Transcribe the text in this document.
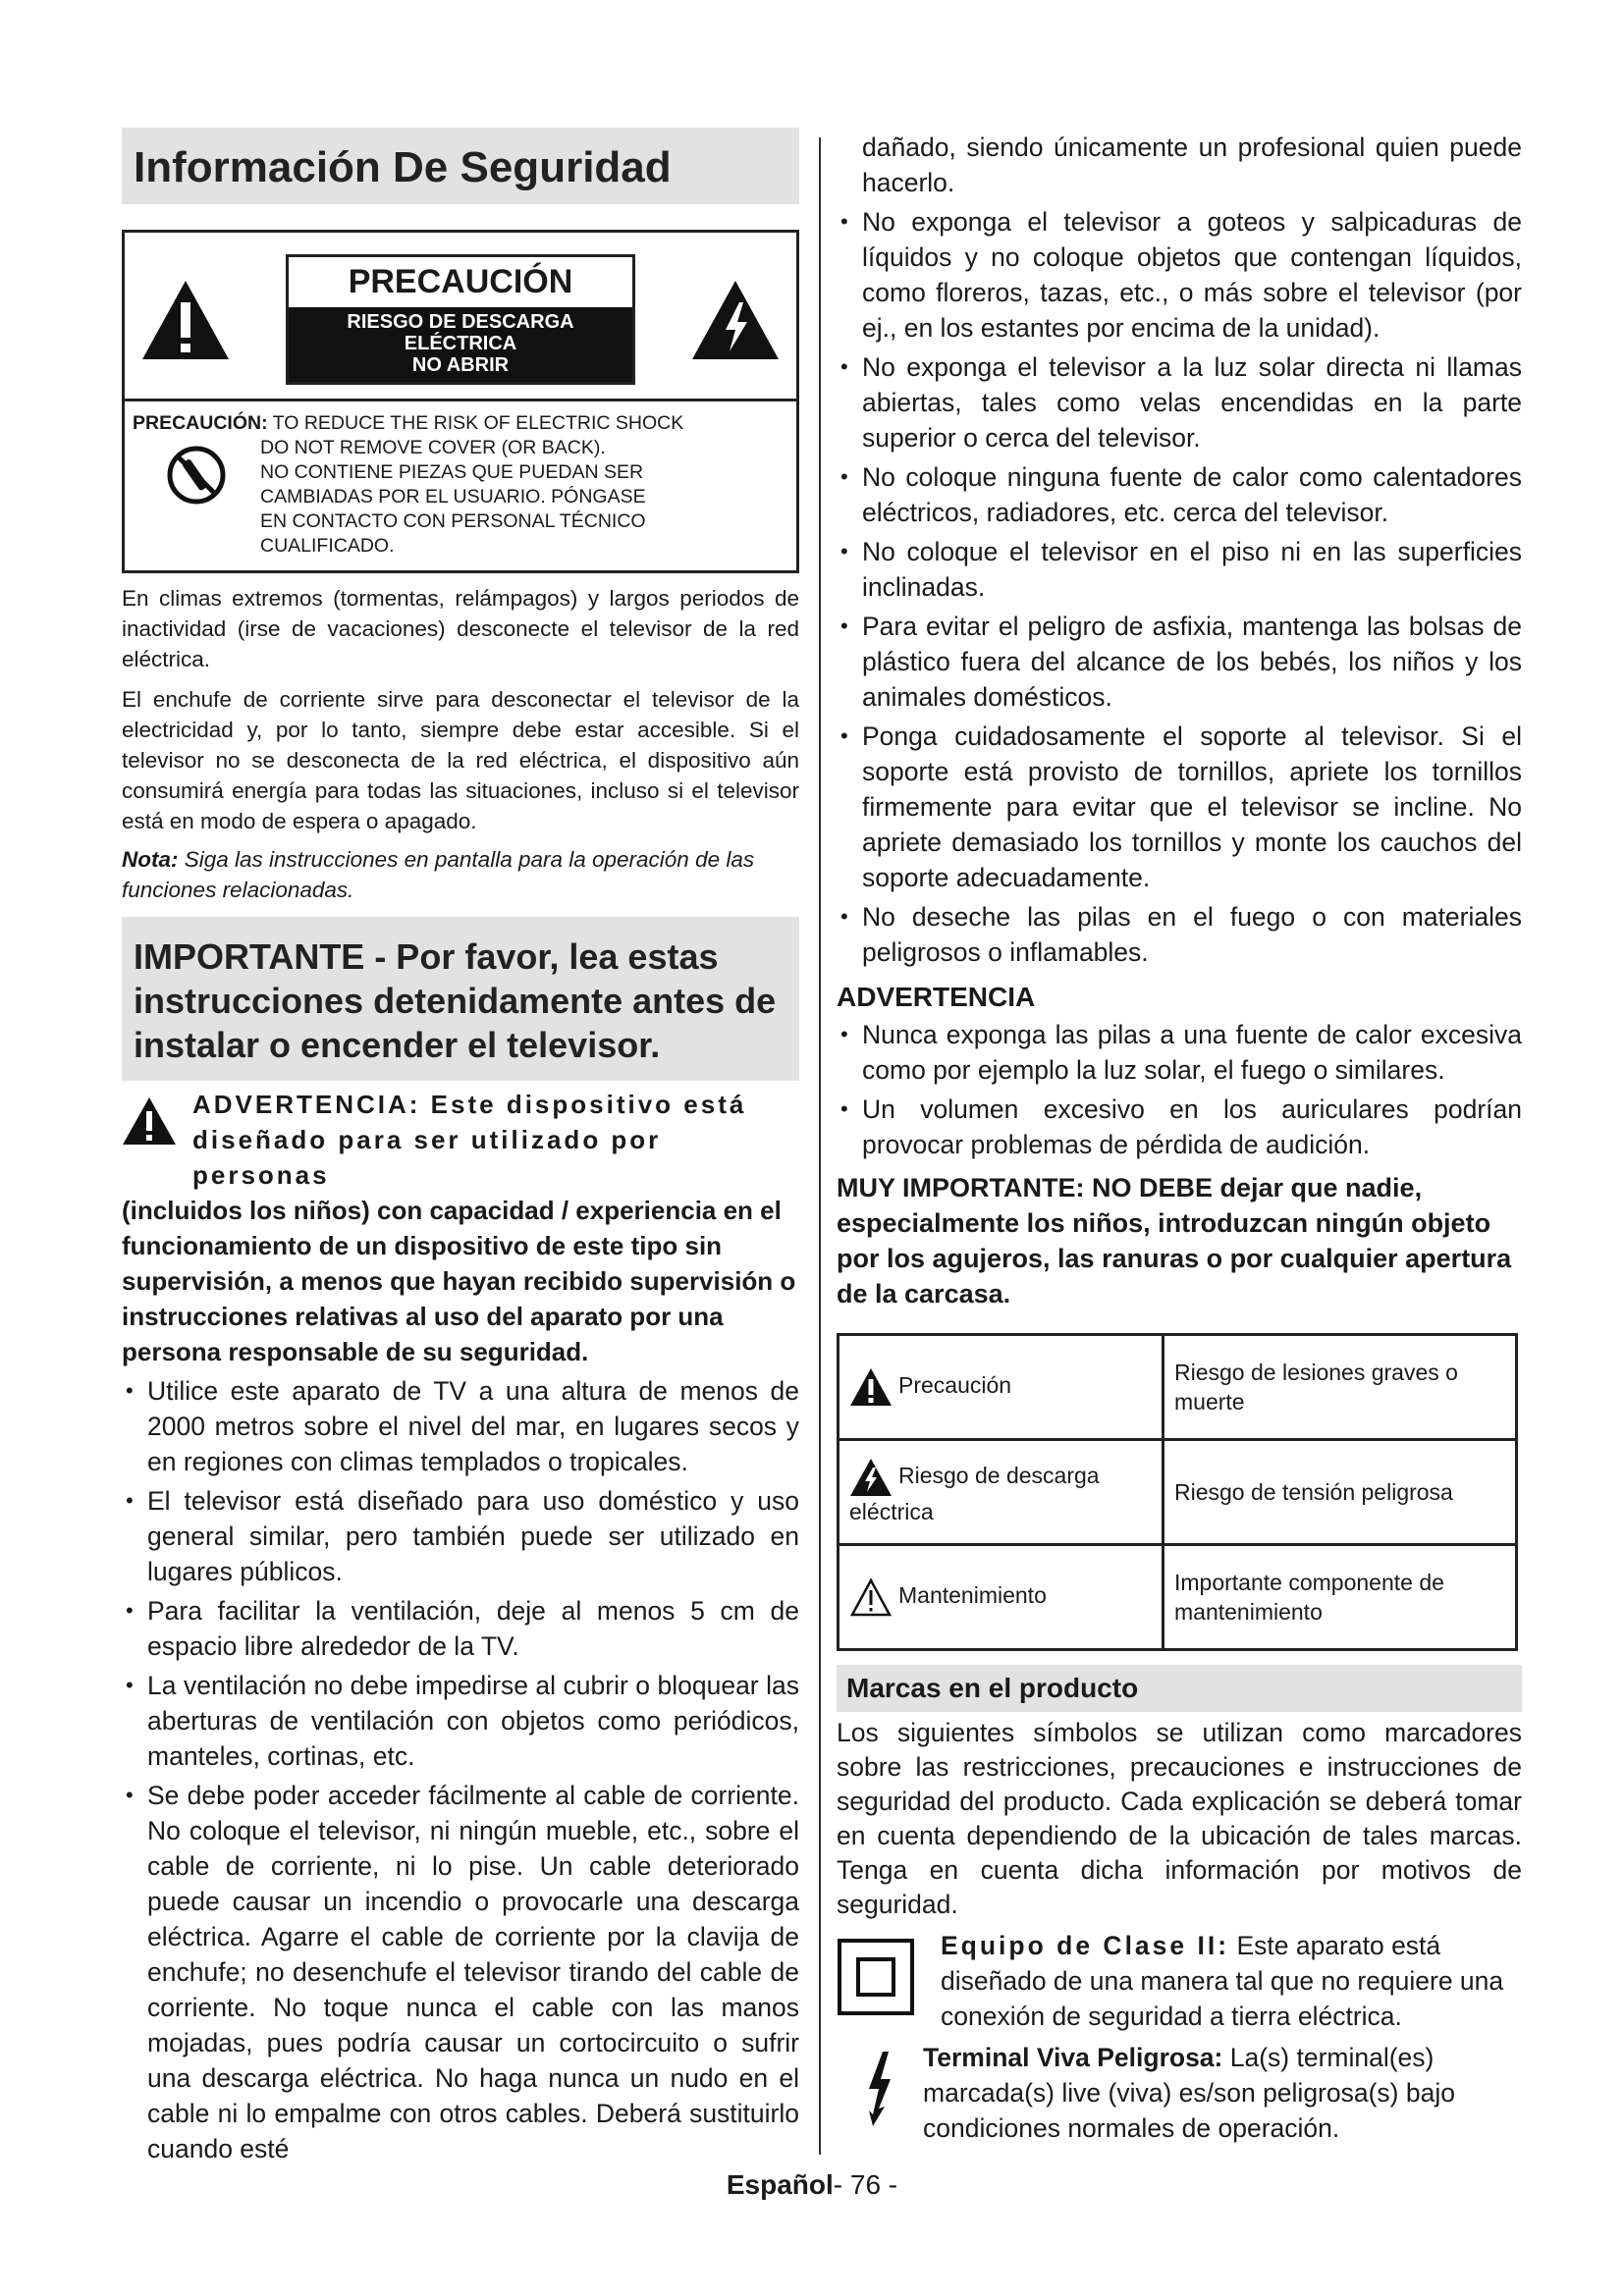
Información De Seguridad
PRECAUCIÓN
RIESGO DE DESCARGA
ELÉCTRICA
NO ABRIR
PRECAUCIÓN: TO REDUCE THE RISK OF ELECTRIC SHOCK
DO NOT REMOVE COVER (OR BACK).
NO CONTIENE PIEZAS QUE PUEDAN SER
CAMBIADAS POR EL USUARIO. PÓNGASE
EN CONTACTO CON PERSONAL TÉCNICO
CUALIFICADO.

En climas extremos (tormentas, relámpagos) y largos periodos de inactividad (irse de vacaciones) desconecte el televisor de la red eléctrica.

El enchufe de corriente sirve para desconectar el televisor de la electricidad y, por lo tanto, siempre debe estar accesible. Si el televisor no se desconecta de la red eléctrica, el dispositivo aún consumirá energía para todas las situaciones, incluso si el televisor está en modo de espera o apagado.

Nota: Siga las instrucciones en pantalla para la operación de las funciones relacionadas.
IMPORTANTE - Por favor, lea estas instrucciones detenidamente antes de instalar o encender el televisor.
ADVERTENCIA: Este dispositivo está diseñado para ser utilizado por personas
(incluidos los niños) con capacidad / experiencia en el funcionamiento de un dispositivo de este tipo sin supervisión, a menos que hayan recibido supervisión o instrucciones relativas al uso del aparato por una persona responsable de su seguridad.
• Utilice este aparato de TV a una altura de menos de 2000 metros sobre el nivel del mar, en lugares secos y en regiones con climas templados o tropicales.
• El televisor está diseñado para uso doméstico y uso general similar, pero también puede ser utilizado en lugares públicos.
• Para facilitar la ventilación, deje al menos 5 cm de espacio libre alrededor de la TV.
• La ventilación no debe impedirse al cubrir o bloquear las aberturas de ventilación con objetos como periódicos, manteles, cortinas, etc.
• Se debe poder acceder fácilmente al cable de corriente. No coloque el televisor, ni ningún mueble, etc., sobre el cable de corriente, ni lo pise. Un cable deteriorado puede causar un incendio o provocarle una descarga eléctrica. Agarre el cable de corriente por la clavija de enchufe; no desenchufe el televisor tirando del cable de corriente. No toque nunca el cable con las manos mojadas, pues podría causar un cortocircuito o sufrir una descarga eléctrica. No haga nunca un nudo en el cable ni lo empalme con otros cables. Deberá sustituirlo cuando esté
dañado, siendo únicamente un profesional quien puede hacerlo.
• No exponga el televisor a goteos y salpicaduras de líquidos y no coloque objetos que contengan líquidos, como floreros, tazas, etc., o más sobre el televisor (por ej., en los estantes por encima de la unidad).
• No exponga el televisor a la luz solar directa ni llamas abiertas, tales como velas encendidas en la parte superior o cerca del televisor.
• No coloque ninguna fuente de calor como calentadores eléctricos, radiadores, etc. cerca del televisor.
• No coloque el televisor en el piso ni en las superficies inclinadas.
• Para evitar el peligro de asfixia, mantenga las bolsas de plástico fuera del alcance de los bebés, los niños y los animales domésticos.
• Ponga cuidadosamente el soporte al televisor. Si el soporte está provisto de tornillos, apriete los tornillos firmemente para evitar que el televisor se incline. No apriete demasiado los tornillos y monte los cauchos del soporte adecuadamente.
• No deseche las pilas en el fuego o con materiales peligrosos o inflamables.
ADVERTENCIA
• Nunca exponga las pilas a una fuente de calor excesiva como por ejemplo la luz solar, el fuego o similares.
• Un volumen excesivo en los auriculares podrían provocar problemas de pérdida de audición.
MUY IMPORTANTE: NO DEBE dejar que nadie, especialmente los niños, introduzcan ningún objeto por los agujeros, las ranuras o por cualquier apertura de la carcasa.
Precaución	Riesgo de lesiones graves o muerte
Riesgo de descarga eléctrica	Riesgo de tensión peligrosa
Mantenimiento	Importante componente de mantenimiento
Marcas en el producto

Los siguientes símbolos se utilizan como marcadores sobre las restricciones, precauciones e instrucciones de seguridad del producto. Cada explicación se deberá tomar en cuenta dependiendo de la ubicación de tales marcas. Tenga en cuenta dicha información por motivos de seguridad.

Equipo de Clase II: Este aparato está diseñado de una manera tal que no requiere una conexión de seguridad a tierra eléctrica.
Terminal Viva Peligrosa: La(s) terminal(es) marcada(s) live (viva) es/son peligrosa(s) bajo condiciones normales de operación.
Español- 76 -
